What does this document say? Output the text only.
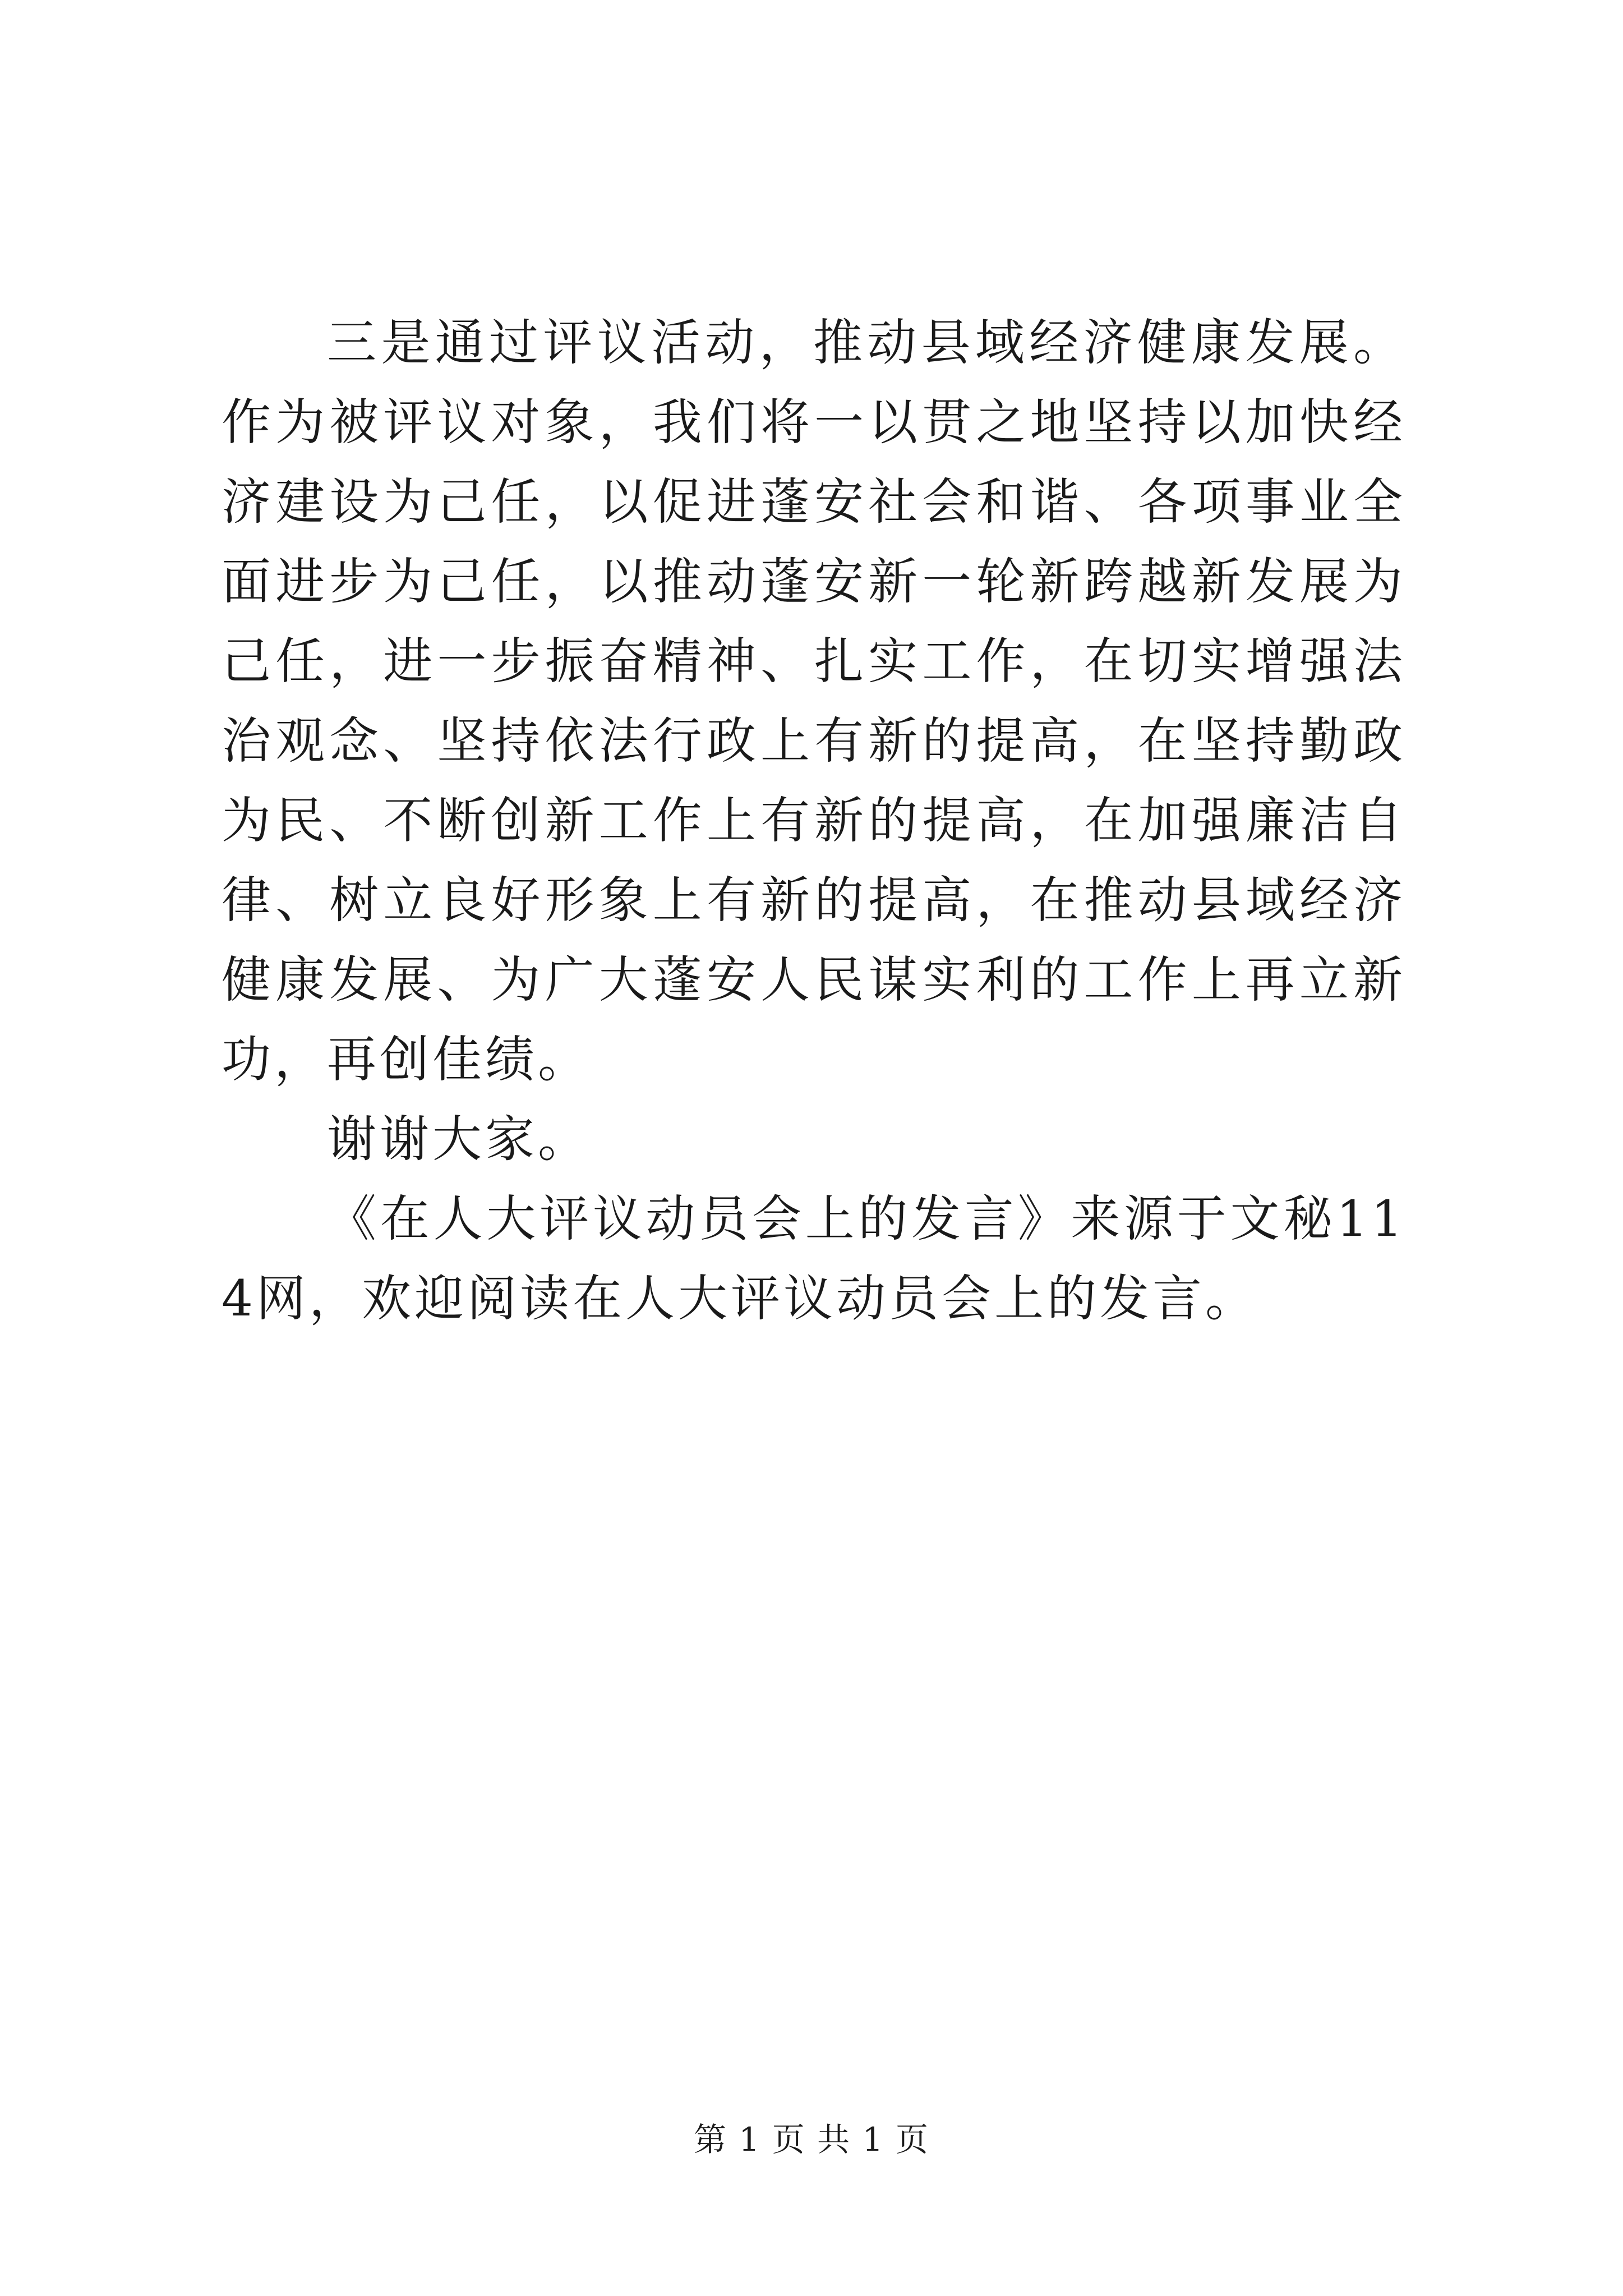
三是通过评议活动，推动县域经济健康发展。作为被评议对象，我们将一以贯之地坚持以加快经济建设为己任，以促进蓬安社会和谐、各项事业全面进步为己任，以推动蓬安新一轮新跨越新发展为己任，进一步振奋精神、扎实工作，在切实增强法治观念、坚持依法行政上有新的提高，在坚持勤政为民、不断创新工作上有新的提高，在加强廉洁自律、树立良好形象上有新的提高，在推动县域经济健康发展、为广大蓬安人民谋实利的工作上再立新功，再创佳绩。

谢谢大家。

《在人大评议动员会上的发言》来源于文秘114网，欢迎阅读在人大评议动员会上的发言。

第 1 页 共 1 页
